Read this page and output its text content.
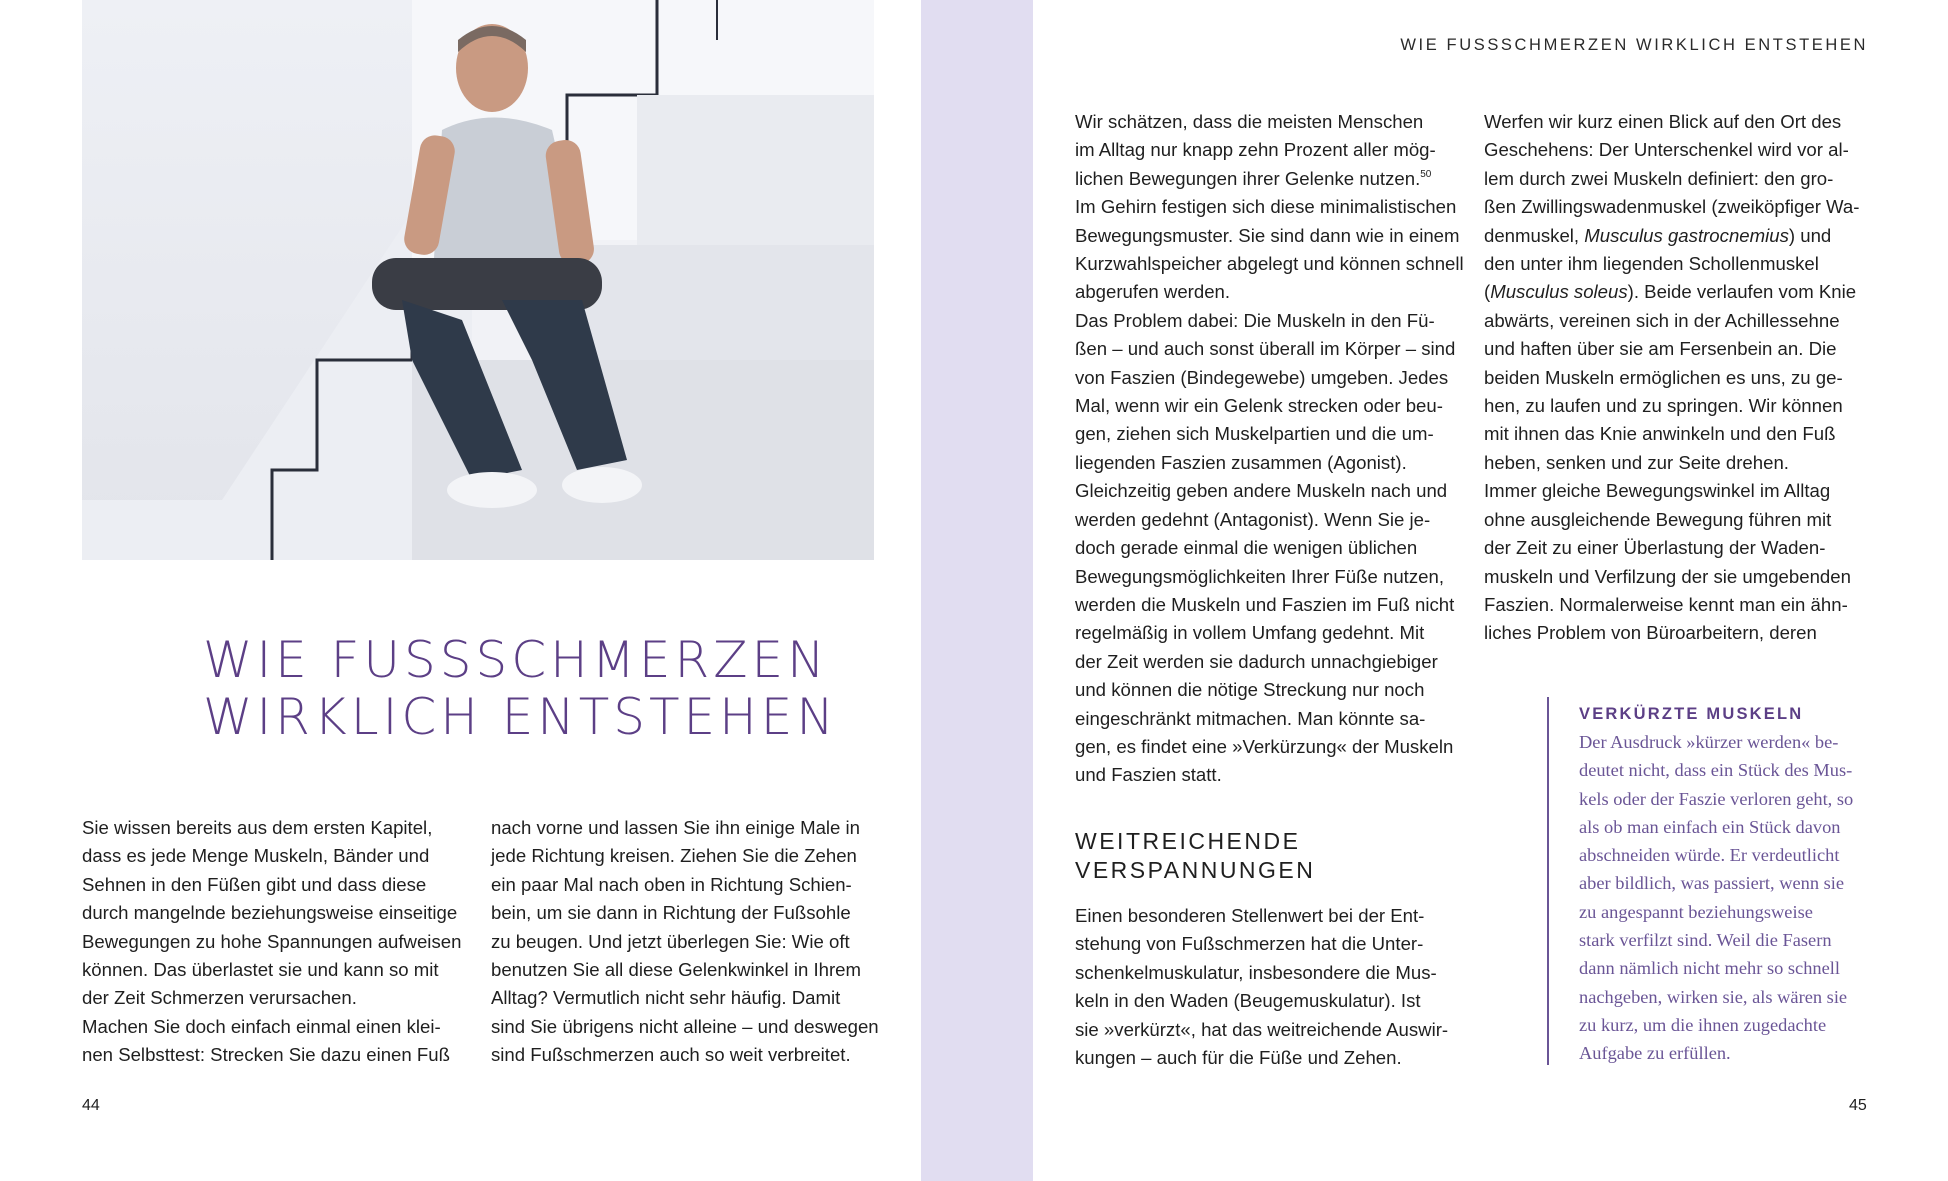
WIE FUSSSCHMERZEN
WIRKLICH ENTSTEHEN
Sie wissen bereits aus dem ersten Kapitel,
dass es jede Menge Muskeln, Bänder und
Sehnen in den Füßen gibt und dass diese
durch mangelnde beziehungsweise einseitige
Bewegungen zu hohe Spannungen aufweisen
können. Das überlastet sie und kann so mit
der Zeit Schmerzen verursachen.
Machen Sie doch einfach einmal einen klei-
nen Selbsttest: Strecken Sie dazu einen Fuß
nach vorne und lassen Sie ihn einige Male in
jede Richtung kreisen. Ziehen Sie die Zehen
ein paar Mal nach oben in Richtung Schien-
bein, um sie dann in Richtung der Fußsohle
zu beugen. Und jetzt überlegen Sie: Wie oft
benutzen Sie all diese Gelenkwinkel in Ihrem
Alltag? Vermutlich nicht sehr häufig. Damit
sind Sie übrigens nicht alleine – und deswegen
sind Fußschmerzen auch so weit verbreitet.
44
WIE FUSSSCHMERZEN WIRKLICH ENTSTEHEN
Wir schätzen, dass die meisten Menschen
im Alltag nur knapp zehn Prozent aller mög-
lichen Bewegungen ihrer Gelenke nutzen.$^{50}$
Im Gehirn festigen sich diese minimalistischen
Bewegungsmuster. Sie sind dann wie in einem
Kurzwahlspeicher abgelegt und können schnell
abgerufen werden.
Das Problem dabei: Die Muskeln in den Fü-
ßen – und auch sonst überall im Körper – sind
von Faszien (Bindegewebe) umgeben. Jedes
Mal, wenn wir ein Gelenk strecken oder beu-
gen, ziehen sich Muskelpartien und die um-
liegenden Faszien zusammen (Agonist).
Gleichzeitig geben andere Muskeln nach und
werden gedehnt (Antagonist). Wenn Sie je-
doch gerade einmal die wenigen üblichen
Bewegungsmöglichkeiten Ihrer Füße nutzen,
werden die Muskeln und Faszien im Fuß nicht
regelmäßig in vollem Umfang gedehnt. Mit
der Zeit werden sie dadurch unnachgiebiger
und können die nötige Streckung nur noch
eingeschränkt mitmachen. Man könnte sa-
gen, es findet eine »Verkürzung« der Muskeln
und Faszien statt.
WEITREICHENDE
VERSPANNUNGEN
Einen besonderen Stellenwert bei der Ent-
stehung von Fußschmerzen hat die Unter-
schenkelmuskulatur, insbesondere die Mus-
keln in den Waden (Beugemuskulatur). Ist
sie »verkürzt«, hat das weitreichende Auswir-
kungen – auch für die Füße und Zehen.
Werfen wir kurz einen Blick auf den Ort des
Geschehens: Der Unterschenkel wird vor al-
lem durch zwei Muskeln definiert: den gro-
ßen Zwillingswadenmuskel (zweiköpfiger Wa-
denmuskel, Musculus gastrocnemius) und
den unter ihm liegenden Schollenmuskel
(Musculus soleus). Beide verlaufen vom Knie
abwärts, vereinen sich in der Achillessehne
und haften über sie am Fersenbein an. Die
beiden Muskeln ermöglichen es uns, zu ge-
hen, zu laufen und zu springen. Wir können
mit ihnen das Knie anwinkeln und den Fuß
heben, senken und zur Seite drehen.
Immer gleiche Bewegungswinkel im Alltag
ohne ausgleichende Bewegung führen mit
der Zeit zu einer Überlastung der Waden-
muskeln und Verfilzung der sie umgebenden
Faszien. Normalerweise kennt man ein ähn-
liches Problem von Büroarbeitern, deren
VERKÜRZTE MUSKELN

Der Ausdruck »kürzer werden« be-
deutet nicht, dass ein Stück des Mus-
kels oder der Faszie verloren geht, so
als ob man einfach ein Stück davon
abschneiden würde. Er verdeutlicht
aber bildlich, was passiert, wenn sie
zu angespannt beziehungsweise
stark verfilzt sind. Weil die Fasern
dann nämlich nicht mehr so schnell
nachgeben, wirken sie, als wären sie
zu kurz, um die ihnen zugedachte
Aufgabe zu erfüllen.

45
